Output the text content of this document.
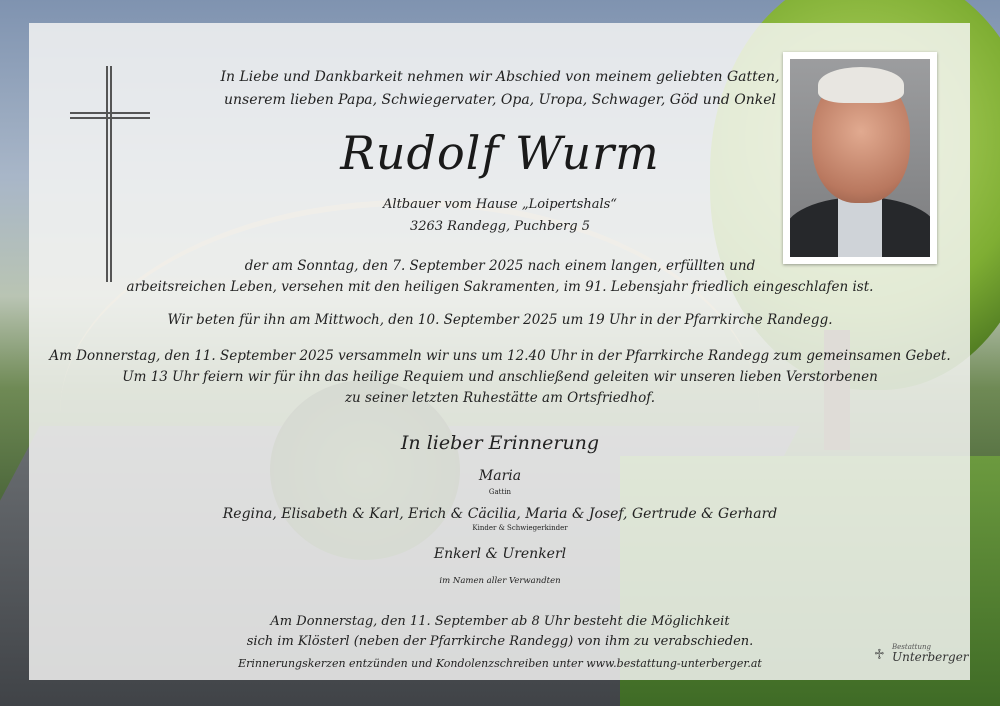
In Liebe und Dankbarkeit nehmen wir Abschied von meinem geliebten Gatten,
unserem lieben Papa, Schwiegervater, Opa, Uropa, Schwager, Göd und Onkel
Rudolf Wurm
Altbauer vom Hause „Loipertshals“
3263 Randegg, Puchberg 5
der am Sonntag, den 7. September 2025 nach einem langen, erfüllten und
arbeitsreichen Leben, versehen mit den heiligen Sakramenten, im 91. Lebensjahr friedlich eingeschlafen ist.
Wir beten für ihn am Mittwoch, den 10. September 2025 um 19 Uhr in der Pfarrkirche Randegg.
Am Donnerstag, den 11. September 2025 versammeln wir uns um 12.40 Uhr in der Pfarrkirche Randegg zum gemeinsamen Gebet.
Um 13 Uhr feiern wir für ihn das heilige Requiem und anschließend geleiten wir unseren lieben Verstorbenen
zu seiner letzten Ruhestätte am Ortsfriedhof.
In lieber Erinnerung
Maria
Gattin
Regina, Elisabeth & Karl, Erich & Cäcilia, Maria & Josef, Gertrude & Gerhard
Kinder & Schwiegerkinder
Enkerl & Urenkerl
im Namen aller Verwandten
Am Donnerstag, den 11. September ab 8 Uhr besteht die Möglichkeit
sich im Klösterl (neben der Pfarrkirche Randegg) von ihm zu verabschieden.
Erinnerungskerzen entzünden und Kondolenzschreiben unter www.bestattung-unterberger.at
♱	Bestattung
Unterberger
